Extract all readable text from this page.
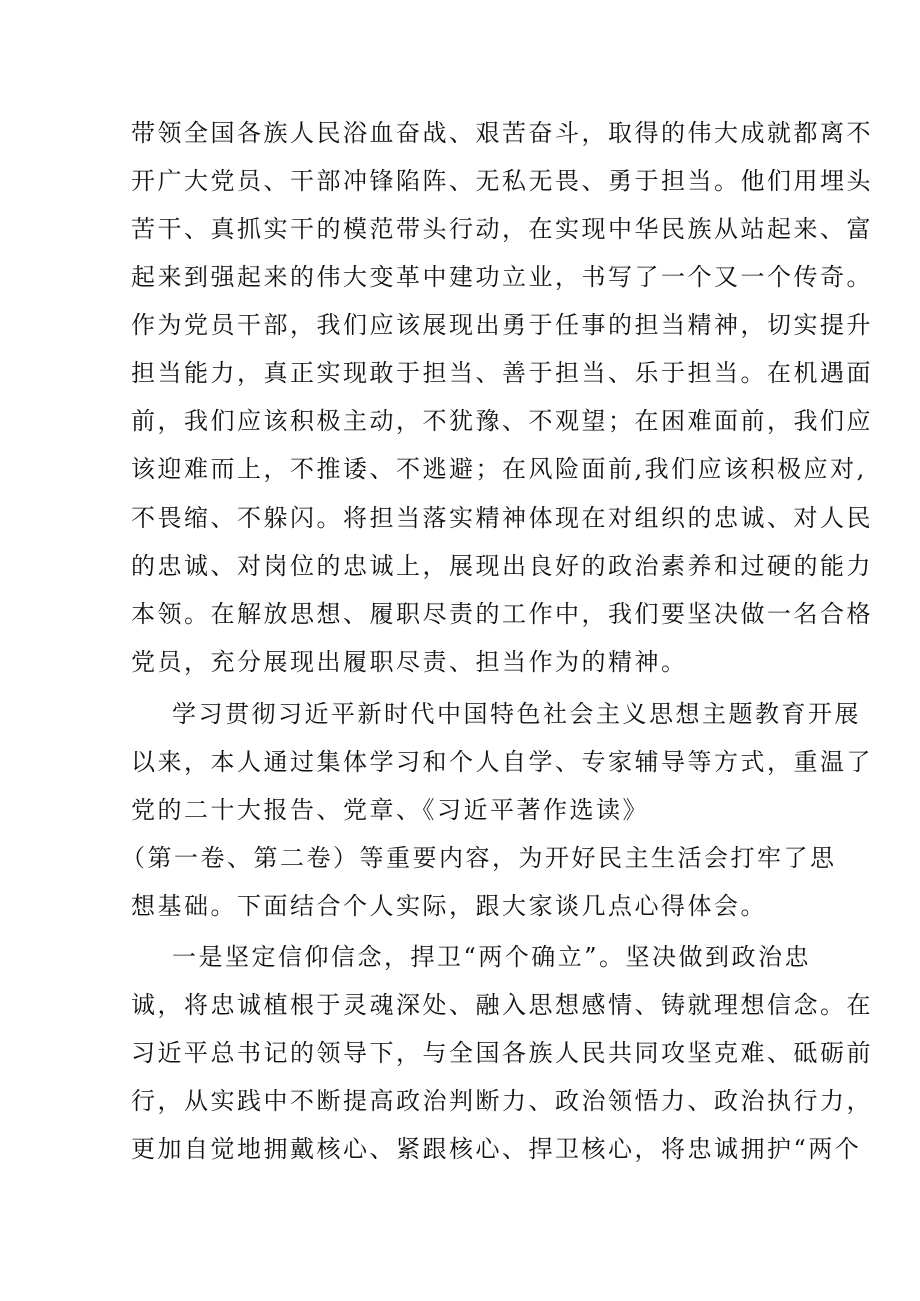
带领全国各族人民浴血奋战、艰苦奋斗，取得的伟大成就都离不

开广大党员、干部冲锋陷阵、无私无畏、勇于担当。他们用埋头

苦干、真抓实干的模范带头行动，在实现中华民族从站起来、富

起来到强起来的伟大变革中建功立业，书写了一个又一个传奇。

作为党员干部，我们应该展现出勇于任事的担当精神，切实提升

担当能力，真正实现敢于担当、善于担当、乐于担当。在机遇面

前，我们应该积极主动，不犹豫、不观望；在困难面前，我们应

该迎难而上，不推诿、不逃避；在风险面前,我们应该积极应对,

不畏缩、不躲闪。将担当落实精神体现在对组织的忠诚、对人民

的忠诚、对岗位的忠诚上，展现出良好的政治素养和过硬的能力

本领。在解放思想、履职尽责的工作中，我们要坚决做一名合格

党员，充分展现出履职尽责、担当作为的精神。

学习贯彻习近平新时代中国特色社会主义思想主题教育开展

以来，本人通过集体学习和个人自学、专家辅导等方式，重温了

党的二十大报告、党章、《习近平著作选读》

（第一卷、第二卷）等重要内容，为开好民主生活会打牢了思

想基础。下面结合个人实际，跟大家谈几点心得体会。

一是坚定信仰信念，捍卫“两个确立”。坚决做到政治忠

诚，将忠诚植根于灵魂深处、融入思想感情、铸就理想信念。在

习近平总书记的领导下，与全国各族人民共同攻坚克难、砥砺前

行，从实践中不断提高政治判断力、政治领悟力、政治执行力，

更加自觉地拥戴核心、紧跟核心、捍卫核心，将忠诚拥护“两个
